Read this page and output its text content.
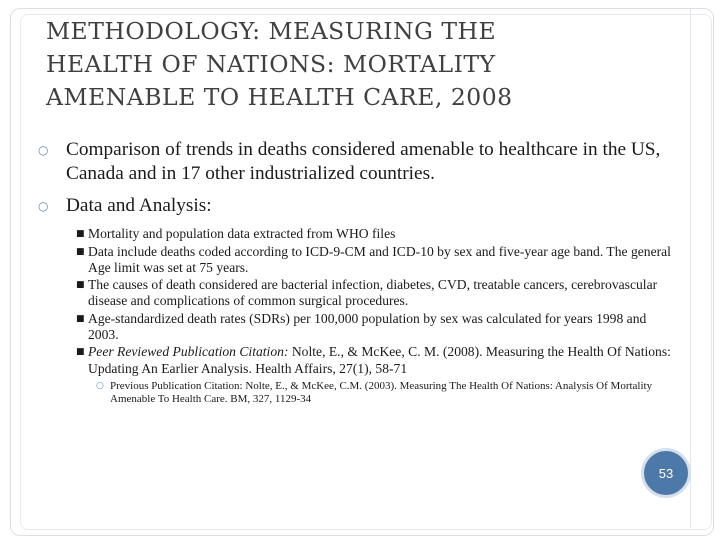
METHODOLOGY: MEASURING THE
HEALTH OF NATIONS: MORTALITY
AMENABLE TO HEALTH CARE, 2008
○ Comparison of trends in deaths considered amenable to healthcare in the US, Canada and in 17 other industrialized countries.
○ Data and Analysis:
■ Mortality and population data extracted from WHO files
■ Data include deaths coded according to ICD-9-CM and ICD-10 by sex and five-year age band. The general Age limit was set at 75 years.
■ The causes of death considered are bacterial infection, diabetes, CVD, treatable cancers, cerebrovascular disease and complications of common surgical procedures.
■ Age-standardized death rates (SDRs) per 100,000 population by sex was calculated for years 1998 and 2003.
■ Peer Reviewed Publication Citation: Nolte, E., & McKee, C. M. (2008). Measuring the Health Of Nations: Updating An Earlier Analysis. Health Affairs, 27(1), 58-71
○ Previous Publication Citation: Nolte, E., & McKee, C.M. (2003). Measuring The Health Of Nations: Analysis Of Mortality Amenable To Health Care. BM, 327, 1129-34
53
